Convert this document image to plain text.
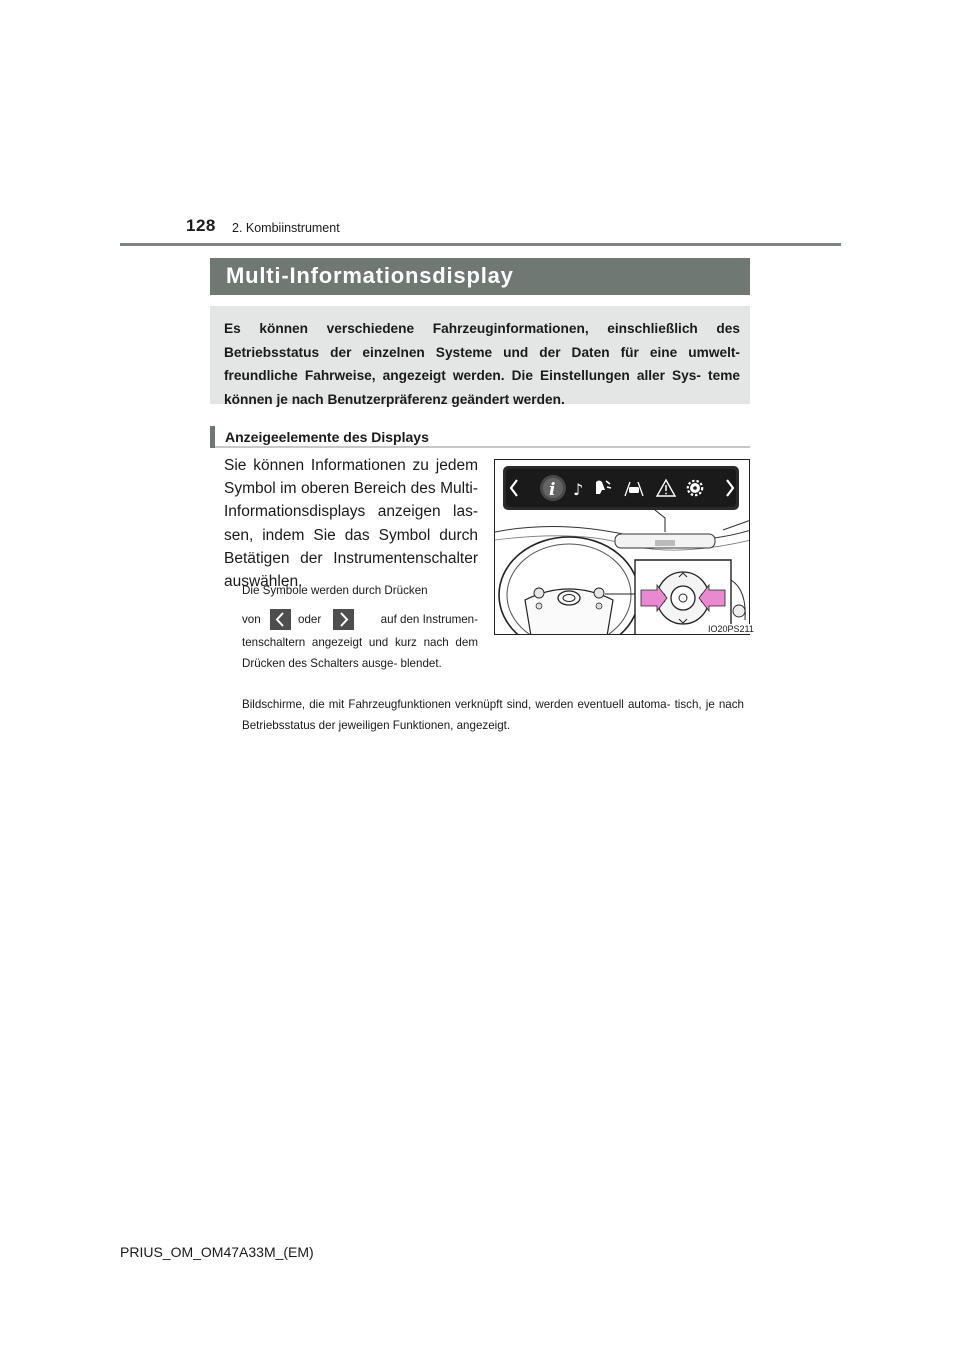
128 2. Kombiinstrument
Multi-Informationsdisplay

Es können verschiedene Fahrzeuginformationen, einschließlich des Betriebsstatus der einzelnen Systeme und der Daten für eine umwelt- freundliche Fahrweise, angezeigt werden. Die Einstellungen aller Sys- teme können je nach Benutzerpräferenz geändert werden.

Anzeigeelemente des Displays

Sie können Informationen zu jedem Symbol im oberen Bereich des Multi- Informationsdisplays anzeigen las- sen, indem Sie das Symbol durch Betätigen der Instrumentenschalter auswählen.

Die Symbole werden durch Drücken

von	oder	auf den Instrumen-

tenschaltern angezeigt und kurz nach dem Drücken des Schalters ausge- blendet.

Bildschirme, die mit Fahrzeugfunktionen verknüpft sind, werden eventuell automa- tisch, je nach Betriebsstatus der jeweiligen Funktionen, angezeigt.

i ♪
IO20PS211
PRIUS_OM_OM47A33M_(EM)
